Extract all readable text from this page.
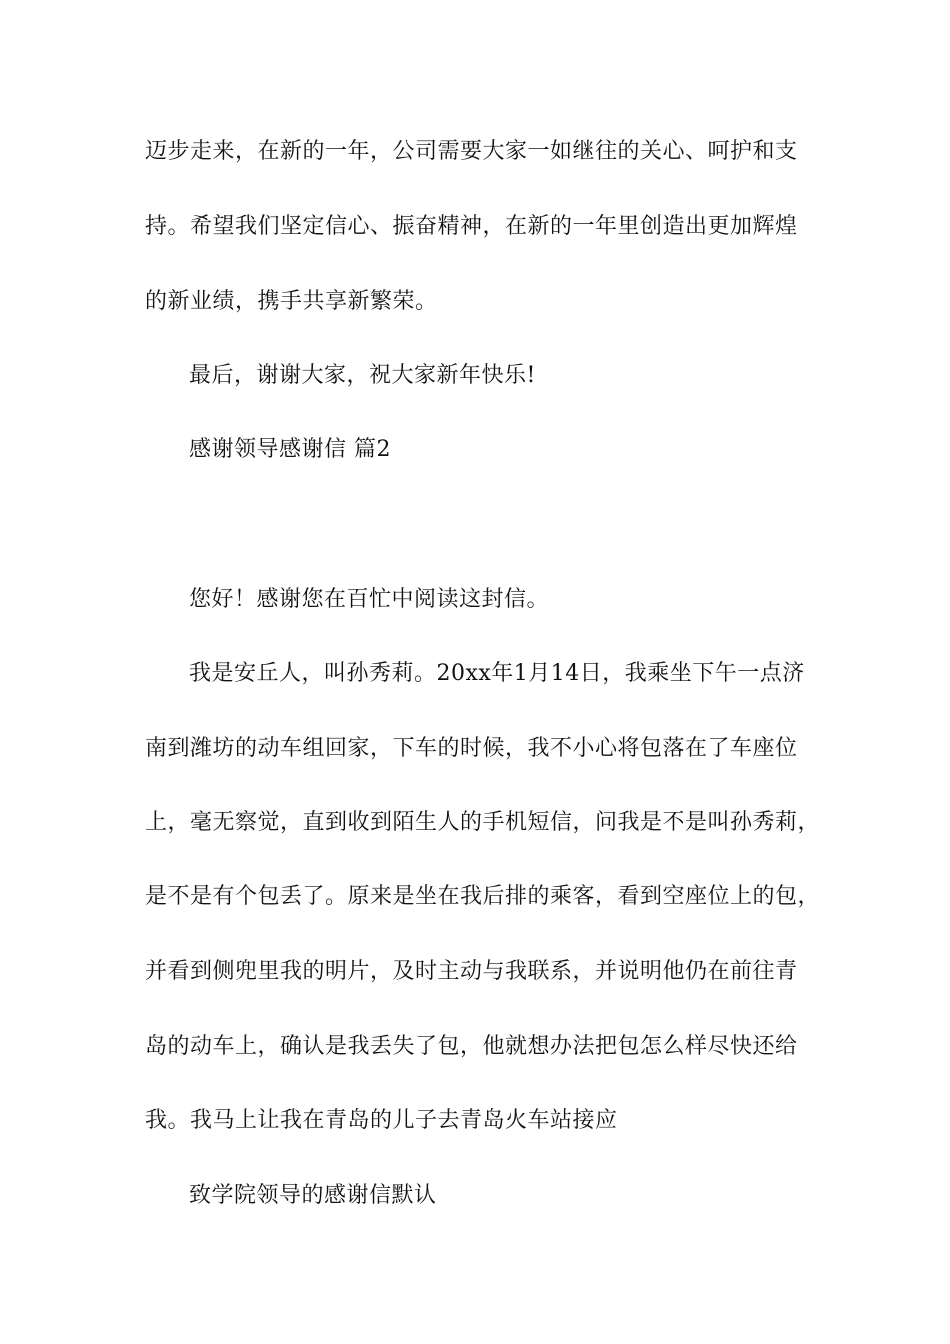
迈步走来，在新的一年，公司需要大家一如继往的关心、呵护和支
持。希望我们坚定信心、振奋精神，在新的一年里创造出更加辉煌
的新业绩，携手共享新繁荣。
最后，谢谢大家，祝大家新年快乐!
感谢领导感谢信 篇2
您好！感谢您在百忙中阅读这封信。
我是安丘人，叫孙秀莉。20xx年1月14日，我乘坐下午一点济
南到潍坊的动车组回家，下车的时候，我不小心将包落在了车座位
上，毫无察觉，直到收到陌生人的手机短信，问我是不是叫孙秀莉，
是不是有个包丢了。原来是坐在我后排的乘客，看到空座位上的包，
并看到侧兜里我的明片，及时主动与我联系，并说明他仍在前往青
岛的动车上，确认是我丢失了包，他就想办法把包怎么样尽快还给
我。我马上让我在青岛的儿子去青岛火车站接应
致学院领导的感谢信默认
